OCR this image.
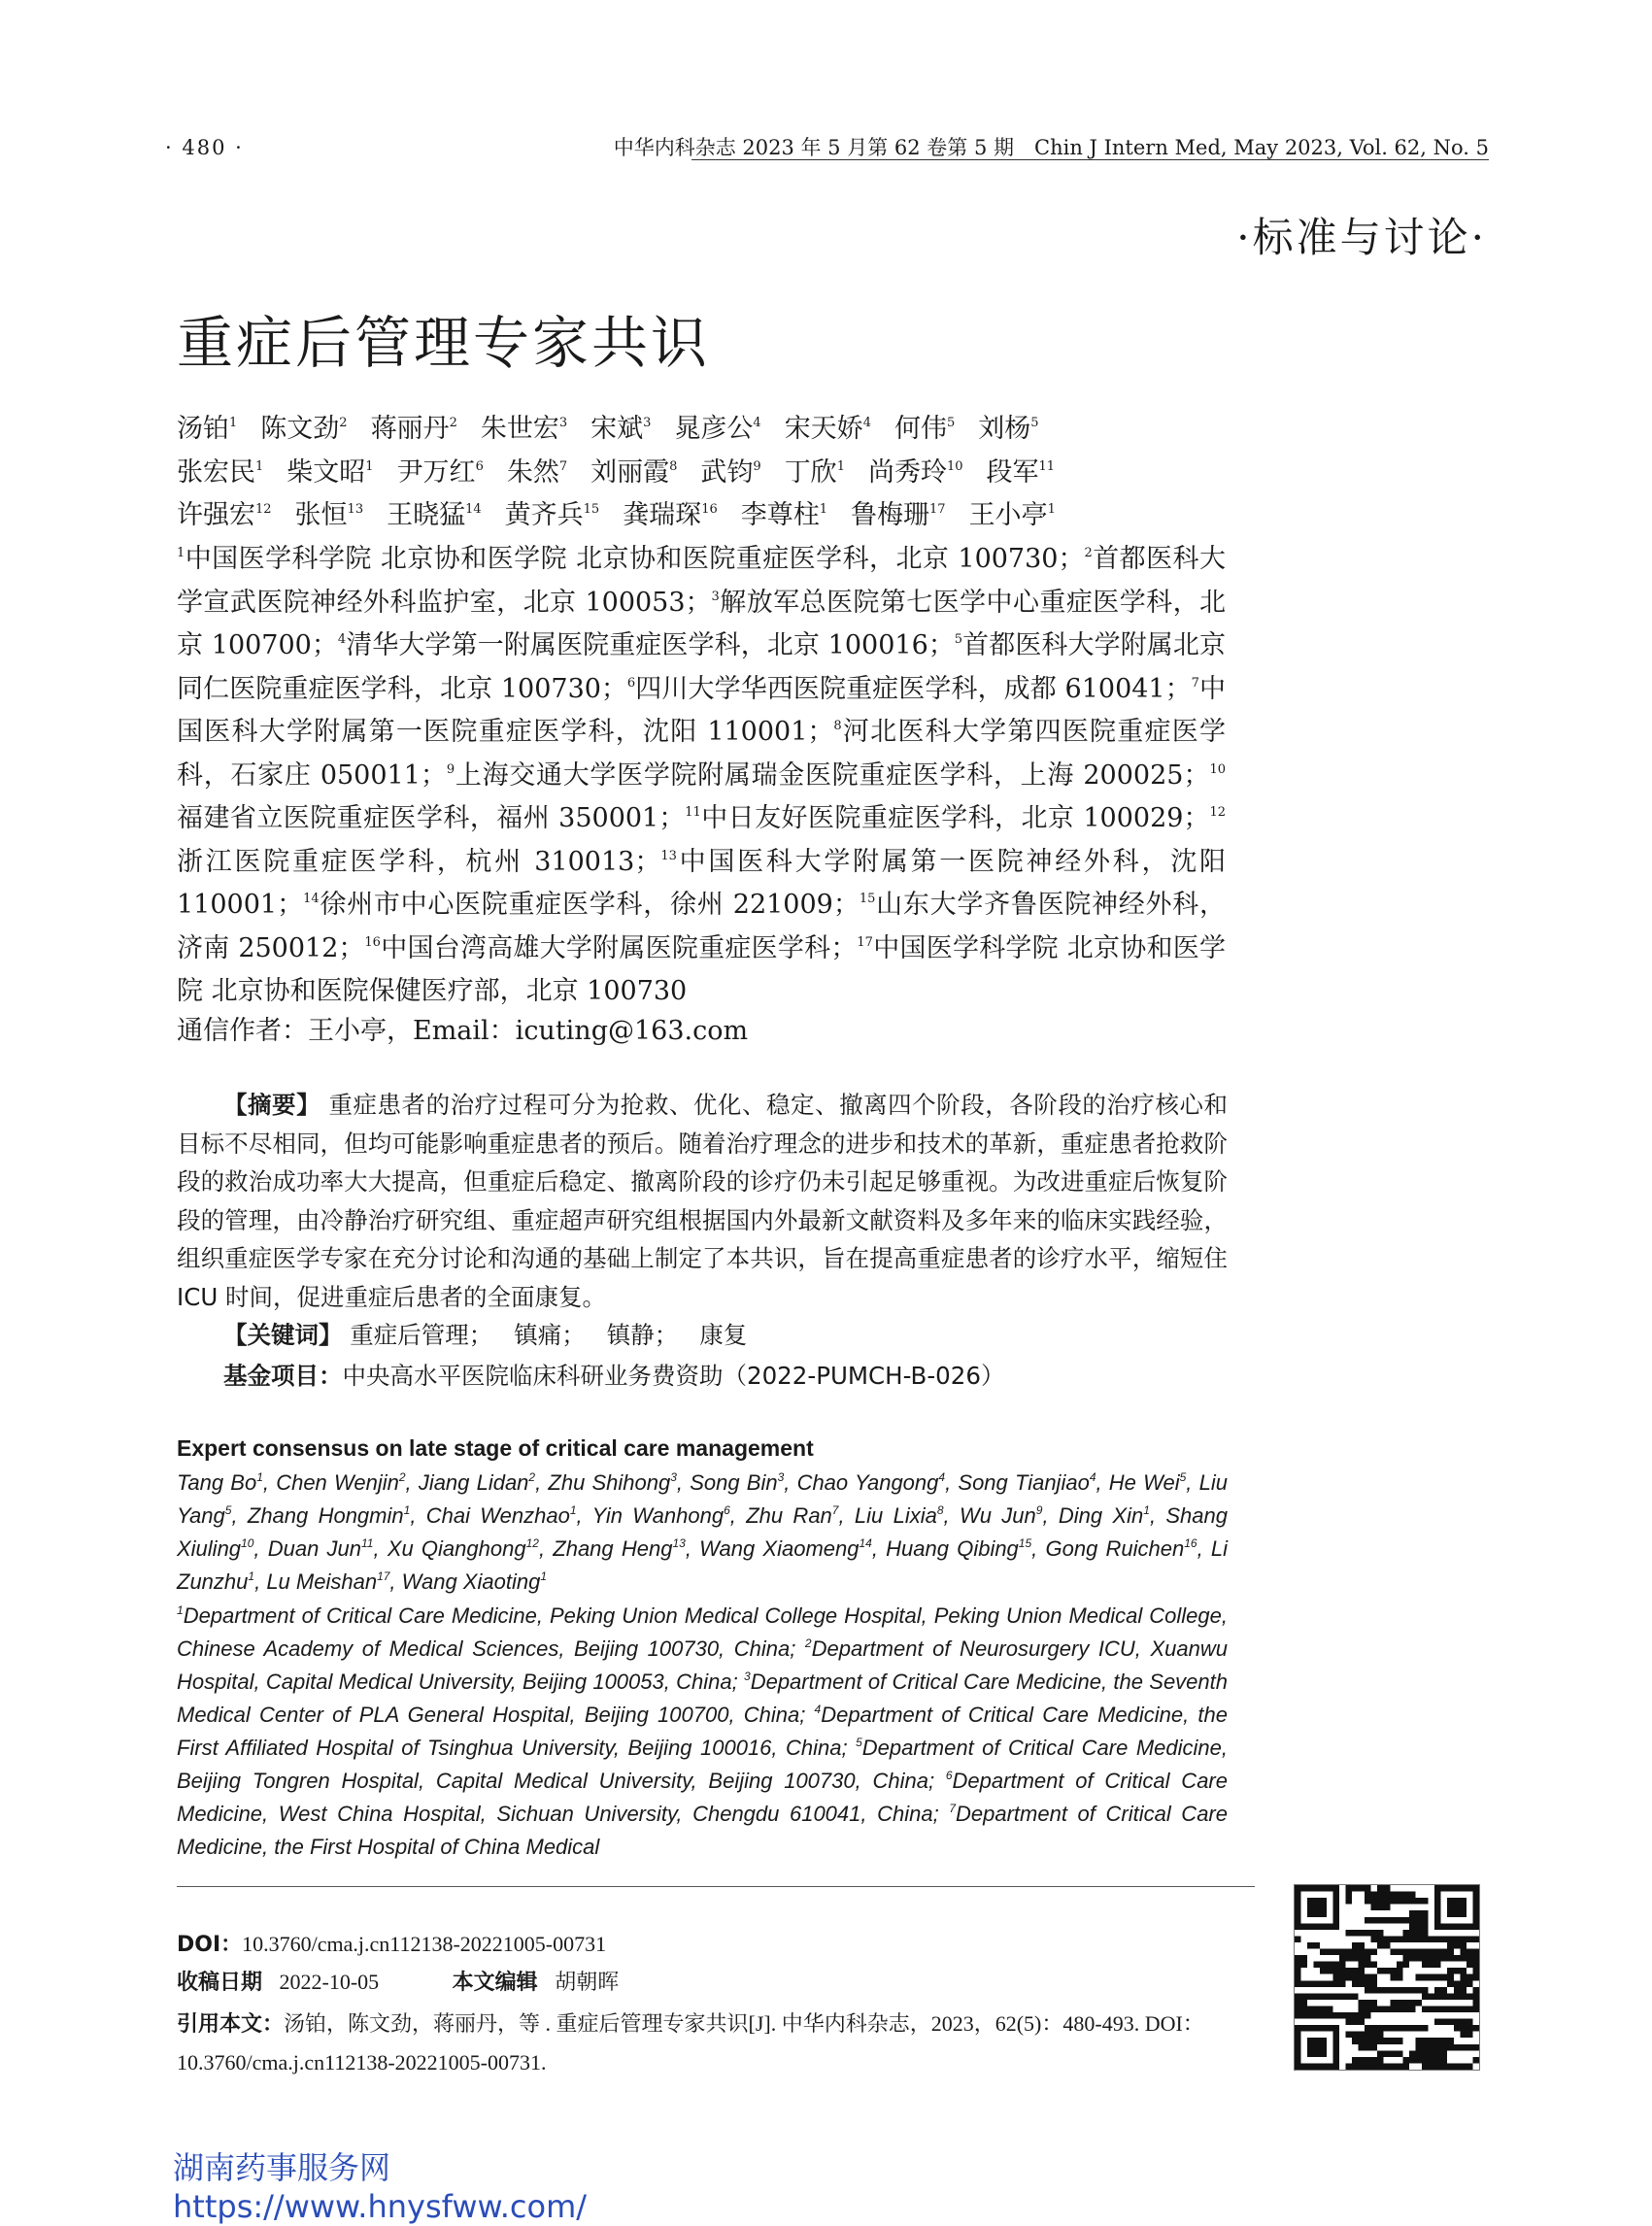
· 480 ·	中华内科杂志 2023 年 5 月第 62 卷第 5 期　Chin J Intern Med, May 2023, Vol. 62, No. 5
·标准与讨论·
重症后管理专家共识
汤铂$^1$ 陈文劲$^2$ 蒋丽丹$^2$ 朱世宏$^3$ 宋斌$^3$ 晁彦公$^4$ 宋天娇$^4$ 何伟$^5$ 刘杨$^5$
张宏民$^1$ 柴文昭$^1$ 尹万红$^6$ 朱然$^7$ 刘丽霞$^8$ 武钧$^9$ 丁欣$^1$ 尚秀玲$^{10}$ 段军$^{11}$
许强宏$^{12}$ 张恒$^{13}$ 王晓猛$^{14}$ 黄齐兵$^{15}$ 龚瑞琛$^{16}$ 李尊柱$^1$ 鲁梅珊$^{17}$ 王小亭$^1$
$^1$中国医学科学院 北京协和医学院 北京协和医院重症医学科，北京 100730；$^2$首都医科大学宣武医院神经外科监护室，北京 100053；$^3$解放军总医院第七医学中心重症医学科，北京 100700；$^4$清华大学第一附属医院重症医学科，北京 100016；$^5$首都医科大学附属北京同仁医院重症医学科，北京 100730；$^6$四川大学华西医院重症医学科，成都 610041；$^7$中国医科大学附属第一医院重症医学科，沈阳 110001；$^8$河北医科大学第四医院重症医学科，石家庄 050011；$^9$上海交通大学医学院附属瑞金医院重症医学科，上海 200025；$^{10}$福建省立医院重症医学科，福州 350001；$^{11}$中日友好医院重症医学科，北京 100029；$^{12}$浙江医院重症医学科，杭州 310013；$^{13}$中国医科大学附属第一医院神经外科，沈阳 110001；$^{14}$徐州市中心医院重症医学科，徐州 221009；$^{15}$山东大学齐鲁医院神经外科，济南 250012；$^{16}$中国台湾高雄大学附属医院重症医学科；$^{17}$中国医学科学院 北京协和医学院 北京协和医院保健医疗部，北京 100730
通信作者：王小亭，Email：icuting@163.com
【摘要】 重症患者的治疗过程可分为抢救、优化、稳定、撤离四个阶段，各阶段的治疗核心和目标不尽相同，但均可能影响重症患者的预后。随着治疗理念的进步和技术的革新，重症患者抢救阶段的救治成功率大大提高，但重症后稳定、撤离阶段的诊疗仍未引起足够重视。为改进重症后恢复阶段的管理，由冷静治疗研究组、重症超声研究组根据国内外最新文献资料及多年来的临床实践经验，组织重症医学专家在充分讨论和沟通的基础上制定了本共识，旨在提高重症患者的诊疗水平，缩短住 ICU 时间，促进重症后患者的全面康复。
【关键词】 重症后管理； 镇痛； 镇静； 康复
基金项目：中央高水平医院临床科研业务费资助（2022-PUMCH-B-026）
Expert consensus on late stage of critical care management
Tang Bo$^1$, Chen Wenjin$^2$, Jiang Lidan$^2$, Zhu Shihong$^3$, Song Bin$^3$, Chao Yangong$^4$, Song Tianjiao$^4$, He Wei$^5$, Liu Yang$^5$, Zhang Hongmin$^1$, Chai Wenzhao$^1$, Yin Wanhong$^6$, Zhu Ran$^7$, Liu Lixia$^8$, Wu Jun$^9$, Ding Xin$^1$, Shang Xiuling$^{10}$, Duan Jun$^{11}$, Xu Qianghong$^{12}$, Zhang Heng$^{13}$, Wang Xiaomeng$^{14}$, Huang Qibing$^{15}$, Gong Ruichen$^{16}$, Li Zunzhu$^1$, Lu Meishan$^{17}$, Wang Xiaoting$^1$
$^1$Department of Critical Care Medicine, Peking Union Medical College Hospital, Peking Union Medical College, Chinese Academy of Medical Sciences, Beijing 100730, China; $^2$Department of Neurosurgery ICU, Xuanwu Hospital, Capital Medical University, Beijing 100053, China; $^3$Department of Critical Care Medicine, the Seventh Medical Center of PLA General Hospital, Beijing 100700, China; $^4$Department of Critical Care Medicine, the First Affiliated Hospital of Tsinghua University, Beijing 100016, China; $^5$Department of Critical Care Medicine, Beijing Tongren Hospital, Capital Medical University, Beijing 100730, China; $^6$Department of Critical Care Medicine, West China Hospital, Sichuan University, Chengdu 610041, China; $^7$Department of Critical Care Medicine, the First Hospital of China Medical
DOI：10.3760/cma.j.cn112138-20221005-00731
收稿日期 2022-10-05	本文编辑 胡朝晖
引用本文：汤铂，陈文劲，蒋丽丹，等 . 重症后管理专家共识[J]. 中华内科杂志，2023，62(5)：480-493. DOI：10.3760/cma.j.cn112138-20221005-00731.
湖南药事服务网
https://www.hnysfww.com/
